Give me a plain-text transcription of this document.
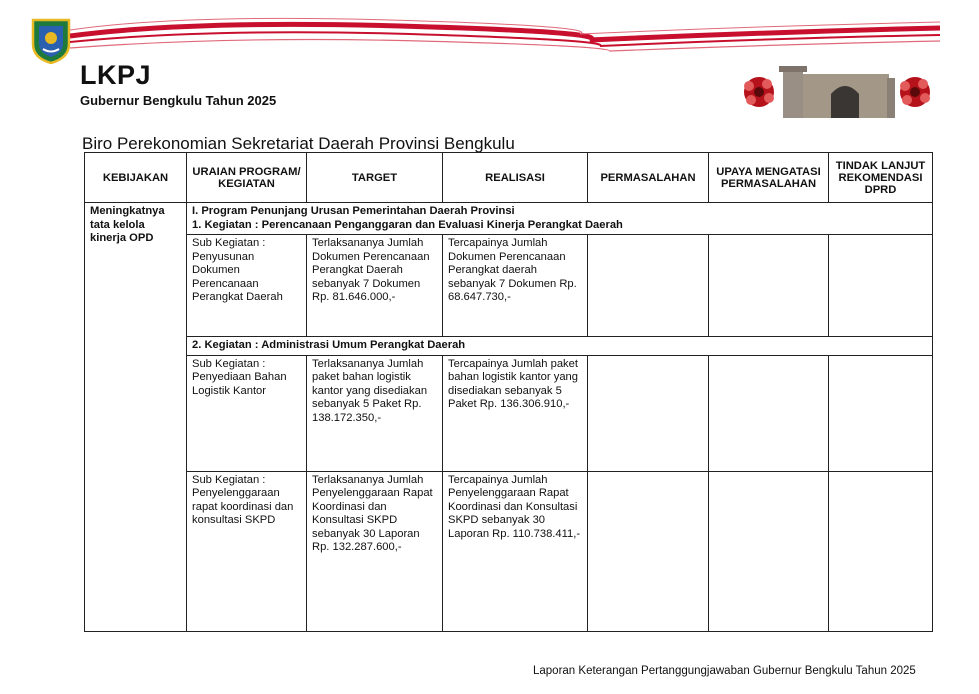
LKPJ
Gubernur Bengkulu Tahun 2025
Biro Perekonomian Sekretariat Daerah Provinsi Bengkulu
KEBIJAKAN	URAIAN PROGRAM/ KEGIATAN	TARGET	REALISASI	PERMASALAHAN	UPAYA MENGATASI PERMASALAHAN	TINDAK LANJUT REKOMENDASI DPRD
Meningkatnya tata kelola kinerja OPD	I. Program Penunjang Urusan Pemerintahan Daerah Provinsi
1. Kegiatan : Perencanaan Penganggaran dan Evaluasi Kinerja Perangkat Daerah					

	Sub Kegiatan : Penyusunan Dokumen Perencanaan Perangkat Daerah	Terlaksananya Jumlah Dokumen Perencanaan Perangkat Daerah sebanyak 7 Dokumen Rp. 81.646.000,-	Tercapainya Jumlah Dokumen Perencanaan Perangkat daerah sebanyak 7 Dokumen Rp. 68.647.730,-			
	2. Kegiatan : Administrasi Umum Perangkat Daerah					
	Sub Kegiatan : Penyediaan Bahan Logistik Kantor	Terlaksananya Jumlah paket bahan logistik kantor yang disediakan sebanyak 5 Paket Rp. 138.172.350,-	Tercapainya Jumlah paket bahan logistik kantor yang disediakan sebanyak 5 Paket Rp. 136.306.910,-			
	Sub Kegiatan : Penyelenggaraan rapat koordinasi dan konsultasi SKPD	Terlaksananya Jumlah Penyelenggaraan Rapat Koordinasi dan Konsultasi SKPD sebanyak 30 Laporan Rp. 132.287.600,-	Tercapainya Jumlah Penyelenggaraan Rapat Koordinasi dan Konsultasi SKPD sebanyak 30 Laporan Rp. 110.738.411,-			
Laporan Keterangan Pertanggungjawaban Gubernur Bengkulu Tahun 2025
